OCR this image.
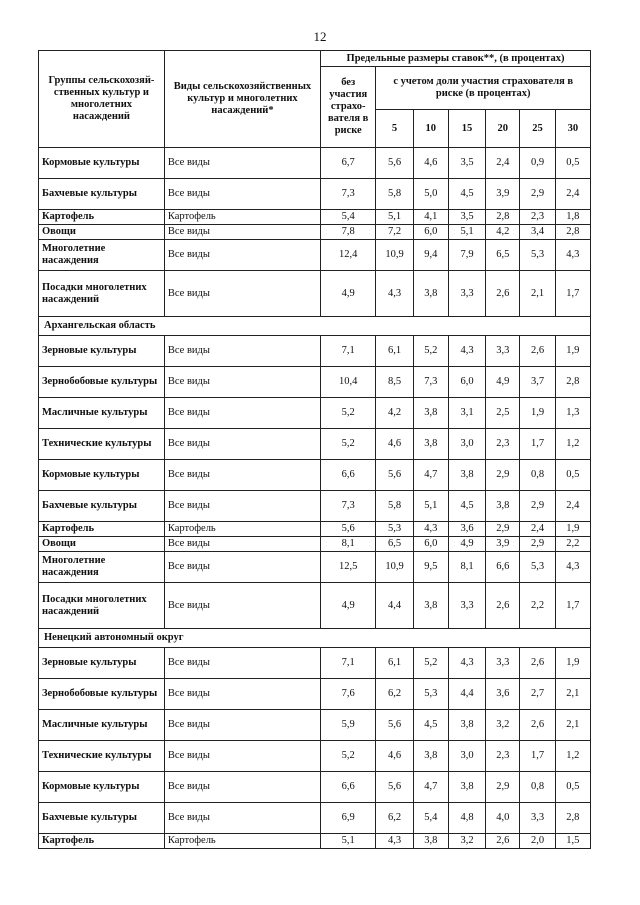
12
Группы сельскохозяй-ственных культур и многолетних насаждений	Виды сельскохозяйственных культур и многолетних насаждений*	Предельные размеры ставок**, (в процентах)						
		без участия страхо-вателя в риске	с учетом доли участия страхователя в риске (в процентах)					
			5	10	15	20	25	30
Кормовые культуры	Все виды	6,7	5,6	4,6	3,5	2,4	0,9	0,5
Бахчевые культуры	Все виды	7,3	5,8	5,0	4,5	3,9	2,9	2,4
Картофель	Картофель	5,4	5,1	4,1	3,5	2,8	2,3	1,8
Овощи	Все виды	7,8	7,2	6,0	5,1	4,2	3,4	2,8
Многолетние насаждения	Все виды	12,4	10,9	9,4	7,9	6,5	5,3	4,3
Посадки многолетних насаждений	Все виды	4,9	4,3	3,8	3,3	2,6	2,1	1,7
Архангельская область								
Зерновые культуры	Все виды	7,1	6,1	5,2	4,3	3,3	2,6	1,9
Зернобобовые культуры	Все виды	10,4	8,5	7,3	6,0	4,9	3,7	2,8
Масличные культуры	Все виды	5,2	4,2	3,8	3,1	2,5	1,9	1,3
Технические культуры	Все виды	5,2	4,6	3,8	3,0	2,3	1,7	1,2
Кормовые культуры	Все виды	6,6	5,6	4,7	3,8	2,9	0,8	0,5
Бахчевые культуры	Все виды	7,3	5,8	5,1	4,5	3,8	2,9	2,4
Картофель	Картофель	5,6	5,3	4,3	3,6	2,9	2,4	1,9
Овощи	Все виды	8,1	6,5	6,0	4,9	3,9	2,9	2,2
Многолетние насаждения	Все виды	12,5	10,9	9,5	8,1	6,6	5,3	4,3
Посадки многолетних насаждений	Все виды	4,9	4,4	3,8	3,3	2,6	2,2	1,7
Ненецкий автономный округ								
Зерновые культуры	Все виды	7,1	6,1	5,2	4,3	3,3	2,6	1,9
Зернобобовые культуры	Все виды	7,6	6,2	5,3	4,4	3,6	2,7	2,1
Масличные культуры	Все виды	5,9	5,6	4,5	3,8	3,2	2,6	2,1
Технические культуры	Все виды	5,2	4,6	3,8	3,0	2,3	1,7	1,2
Кормовые культуры	Все виды	6,6	5,6	4,7	3,8	2,9	0,8	0,5
Бахчевые культуры	Все виды	6,9	6,2	5,4	4,8	4,0	3,3	2,8
Картофель	Картофель	5,1	4,3	3,8	3,2	2,6	2,0	1,5
